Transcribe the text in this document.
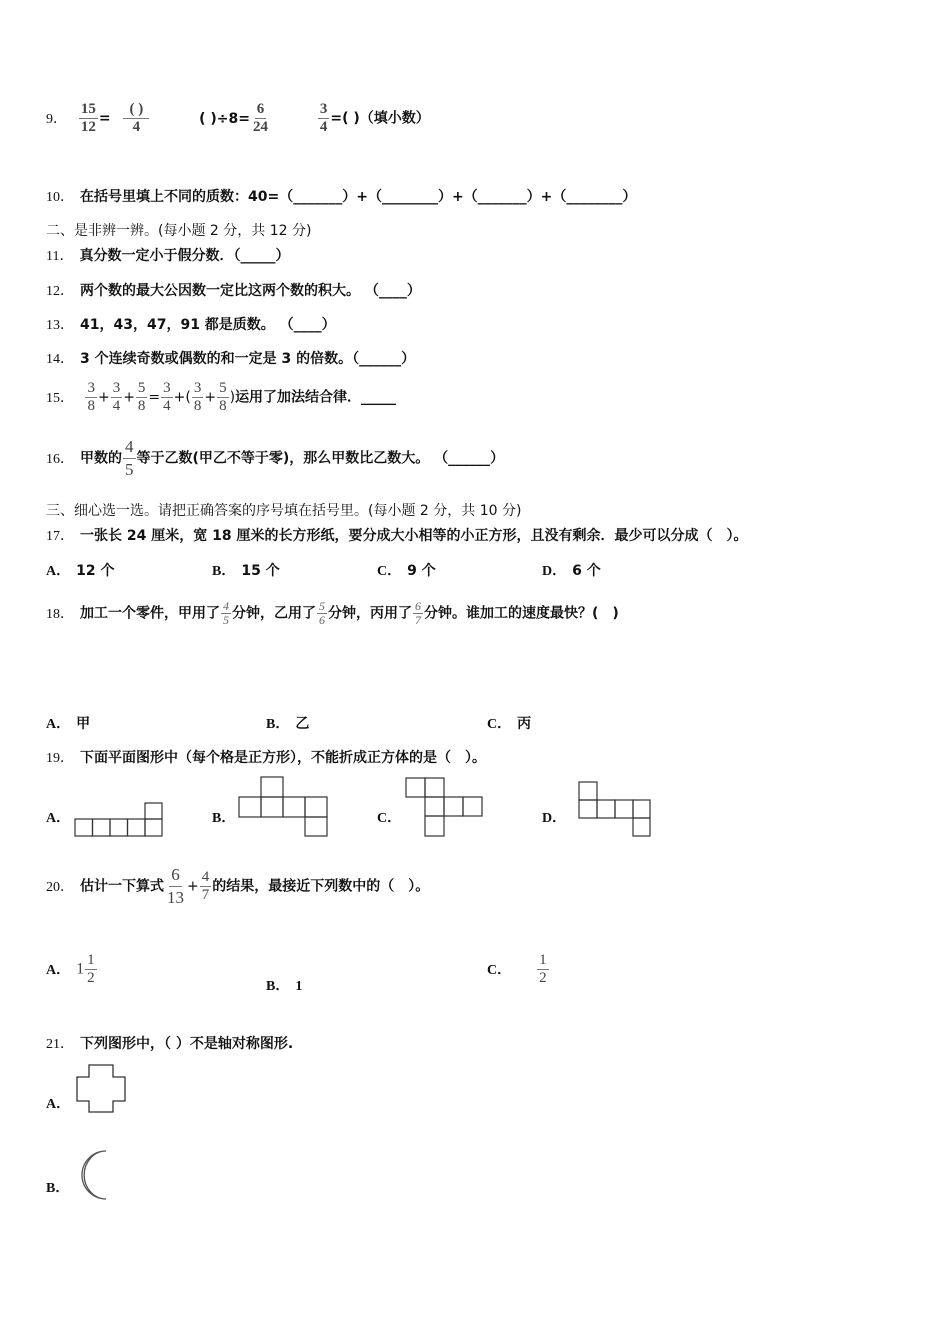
9． $\frac{15}{12} = \frac{( )}{4}$	( )$\div 8= \frac{6}{24}$
	$\frac{3}{4}$ =( )（填小数）
10． 在括号里填上不同的质数：40=（_______）+（________）+（_______）+（________）
二、是非辨一辨。(每小题 2 分，共 12 分)
11． 真分数一定小于假分数．（_____）
12． 两个数的最大公因数一定比这两个数的积大。 （____）
13． 41，43，47，91 都是质数。 （____）
14． 3 个连续奇数或偶数的和一定是 3 的倍数。（______）
15． $\frac{3}{8} + \frac{3}{4} + \frac{5}{8} = \frac{3}{4}$ +( $\frac{3}{8} + \frac{5}{8}$ )运用了加法结合律．_____
16． 甲数的 $\frac{4}{5}$ 等于乙数(甲乙不等于零)，那么甲数比乙数大。 （______）
三、细心选一选。请把正确答案的序号填在括号里。(每小题 2 分，共 10 分)
17． 一张长 24 厘米，宽 18 厘米的长方形纸，要分成大小相等的小正方形，且没有剩余．最少可以分成（　）。
A． 12 个	B． 15 个	C． 9 个	D． 6 个
18． 加工一个零件，甲用了 $\frac{4}{5}$ 分钟，乙用了 $\frac{5}{6}$ 分钟，丙用了 $\frac{6}{7}$ 分钟。谁加工的速度最快？(　)
A． 甲	B． 乙	C． 丙
19． 下面平面图形中（每个格是正方形），不能折成正方体的是（　）。
A．	B．	C．	D．
20． 估计一下算式 $\frac{6}{13} + \frac{4}{7}$ 的结果，最接近下列数中的（　）。
A． $1 \frac{1}{2}$	B． 1
C． $\frac{1}{2}$
21． 下列图形中，（ ）不是轴对称图形.
A．
B．
